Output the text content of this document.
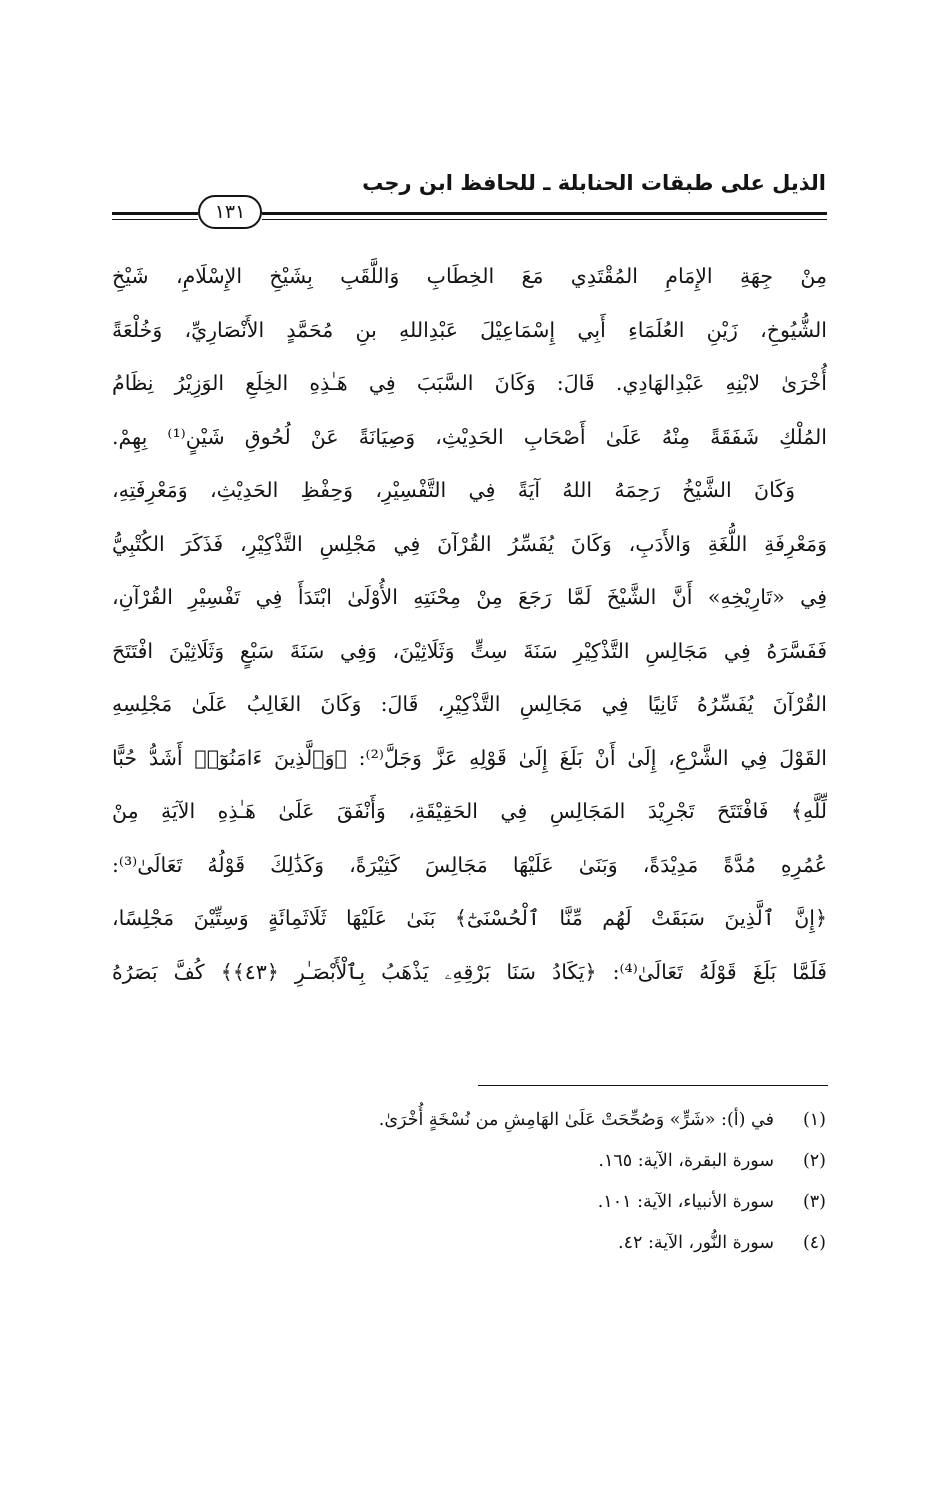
الذيل على طبقات الحنابلة ـ للحافظ ابن رجب
١٣١
مِنْ جِهَةِ الإِمَامِ المُقْتَدِي مَعَ الخِطَابِ وَاللَّقَبِ بِشَيْخِ الإِسْلَامِ، شَيْخِ
الشُّيُوخِ، زَيْنِ العُلَمَاءِ أَبِي إِسْمَاعِيْلَ عَبْدِاللهِ بنِ مُحَمَّدٍ الأَنْصَارِيِّ، وَخُلْعَةً
أُخْرَىٰ لابْنِهِ عَبْدِالهَادِي. قَالَ: وَكَانَ السَّبَبَ فِي هَـٰذِهِ الخِلَعِ الوَزِيْرُ نِظَامُ
المُلْكِ شَفَقَةً مِنْهُ عَلَىٰ أَصْحَابِ الحَدِيْثِ، وَصِيَانَةً عَنْ لُحُوقِ شَيْنٍ⁽¹⁾ بِهِمْ.
وَكَانَ الشَّيْخُ رَحِمَهُ اللهُ آيَةً فِي التَّفْسِيْرِ، وَحِفْظِ الحَدِيْثِ، وَمَعْرِفَتِهِ،
وَمَعْرِفَةِ اللُّغَةِ وَالأَدَبِ، وَكَانَ يُفَسِّرُ القُرْآنَ فِي مَجْلِسِ التَّذْكِيْرِ، فَذَكَرَ الكُتْبِيُّ
فِي «تَارِيْخِهِ» أَنَّ الشَّيْخَ لَمَّا رَجَعَ مِنْ مِحْنَتِهِ الأُوْلَىٰ ابْتَدَأَ فِي تَفْسِيْرِ القُرْآنِ،
فَفَسَّرَهُ فِي مَجَالِسِ التَّذْكِيْرِ سَنَةَ سِتٍّ وَثَلَاثِيْنَ، وَفِي سَنَةَ سَبْعٍ وَثَلَاثِيْنَ افْتَتَحَ
القُرْآنَ يُفَسِّرُهُ ثَانِيًا فِي مَجَالِسِ التَّذْكِيْرِ، قَالَ: وَكَانَ الغَالِبُ عَلَىٰ مَجْلِسِهِ
القَوْلَ فِي الشَّرْعِ، إِلَىٰ أَنْ بَلَغَ إِلَىٰ قَوْلِهِ عَزَّ وَجَلَّ⁽²⁾: ﴿وَٱلَّذِينَ ءَامَنُوٓا۟ أَشَدُّ حُبًّا
لِّلَّهِ﴾ فَافْتَتَحَ تَجْرِيْدَ المَجَالِسِ فِي الحَقِيْقَةِ، وَأَنْفَقَ عَلَىٰ هَـٰذِهِ الآيَةِ مِنْ
عُمُرِهِ مُدَّةً مَدِيْدَةً، وَبَنَىٰ عَلَيْهَا مَجَالِسَ كَثِيْرَةً، وَكَذَٰلِكَ قَوْلُهُ تَعَالَىٰ⁽³⁾:
﴿إِنَّ ٱلَّذِينَ سَبَقَتْ لَهُم مِّنَّا ٱلْحُسْنَىٰٓ﴾ بَنَىٰ عَلَيْهَا ثَلَاثَمِائَةٍ وَسِتِّيْنَ مَجْلِسًا،
فَلَمَّا بَلَغَ قَوْلَهُ تَعَالَىٰ⁽⁴⁾: ﴿يَكَادُ سَنَا بَرْقِهِۦ يَذْهَبُ بِٱلْأَبْصَـٰرِ ﴿٤٣﴾﴾ كُفَّ بَصَرُهُ
(١)في (أ): «شَرٍّ» وَصُحِّحَتْ عَلَىٰ الهَامِشِ من نُسْخَةٍ أُخْرَىٰ.
(٢)سورة البقرة، الآية: ١٦٥.
(٣)سورة الأنبياء، الآية: ١٠١.
(٤)سورة النُّور، الآية: ٤٢.
